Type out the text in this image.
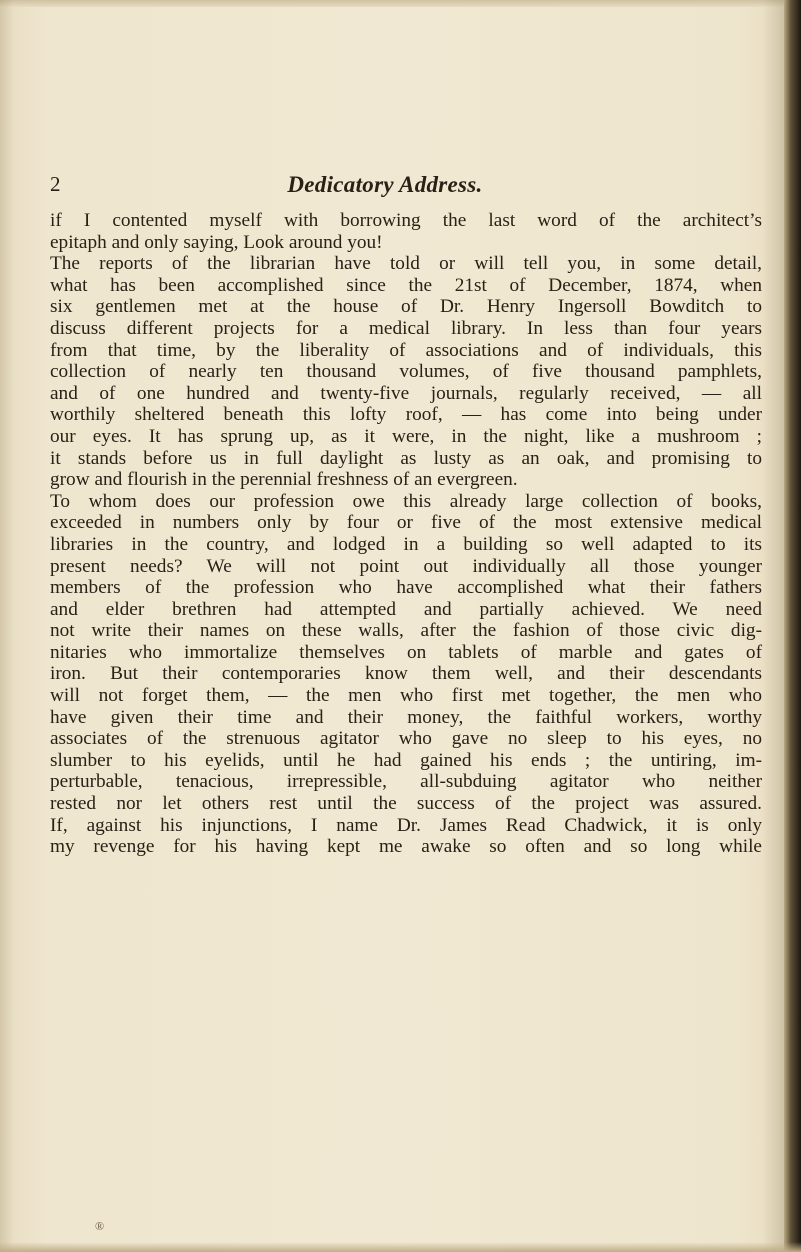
2	Dedicatory Address.
if I contented myself with borrowing the last word of the architect’s
epitaph and only saying, Look around you!
The reports of the librarian have told or will tell you, in some detail,
what has been accomplished since the 21st of December, 1874, when
six gentlemen met at the house of Dr. Henry Ingersoll Bowditch to
discuss different projects for a medical library. In less than four years
from that time, by the liberality of associations and of individuals, this
collection of nearly ten thousand volumes, of five thousand pamphlets,
and of one hundred and twenty-five journals, regularly received, — all
worthily sheltered beneath this lofty roof, — has come into being under
our eyes. It has sprung up, as it were, in the night, like a mushroom ;
it stands before us in full daylight as lusty as an oak, and promising to
grow and flourish in the perennial freshness of an evergreen.
To whom does our profession owe this already large collection of books,
exceeded in numbers only by four or five of the most extensive medical
libraries in the country, and lodged in a building so well adapted to its
present needs? We will not point out individually all those younger
members of the profession who have accomplished what their fathers
and elder brethren had attempted and partially achieved. We need
not write their names on these walls, after the fashion of those civic dig-
nitaries who immortalize themselves on tablets of marble and gates of
iron. But their contemporaries know them well, and their descendants
will not forget them, — the men who first met together, the men who
have given their time and their money, the faithful workers, worthy
associates of the strenuous agitator who gave no sleep to his eyes, no
slumber to his eyelids, until he had gained his ends ; the untiring, im-
perturbable, tenacious, irrepressible, all-subduing agitator who neither
rested nor let others rest until the success of the project was assured.
If, against his injunctions, I name Dr. James Read Chadwick, it is only
my revenge for his having kept me awake so often and so long while
®
